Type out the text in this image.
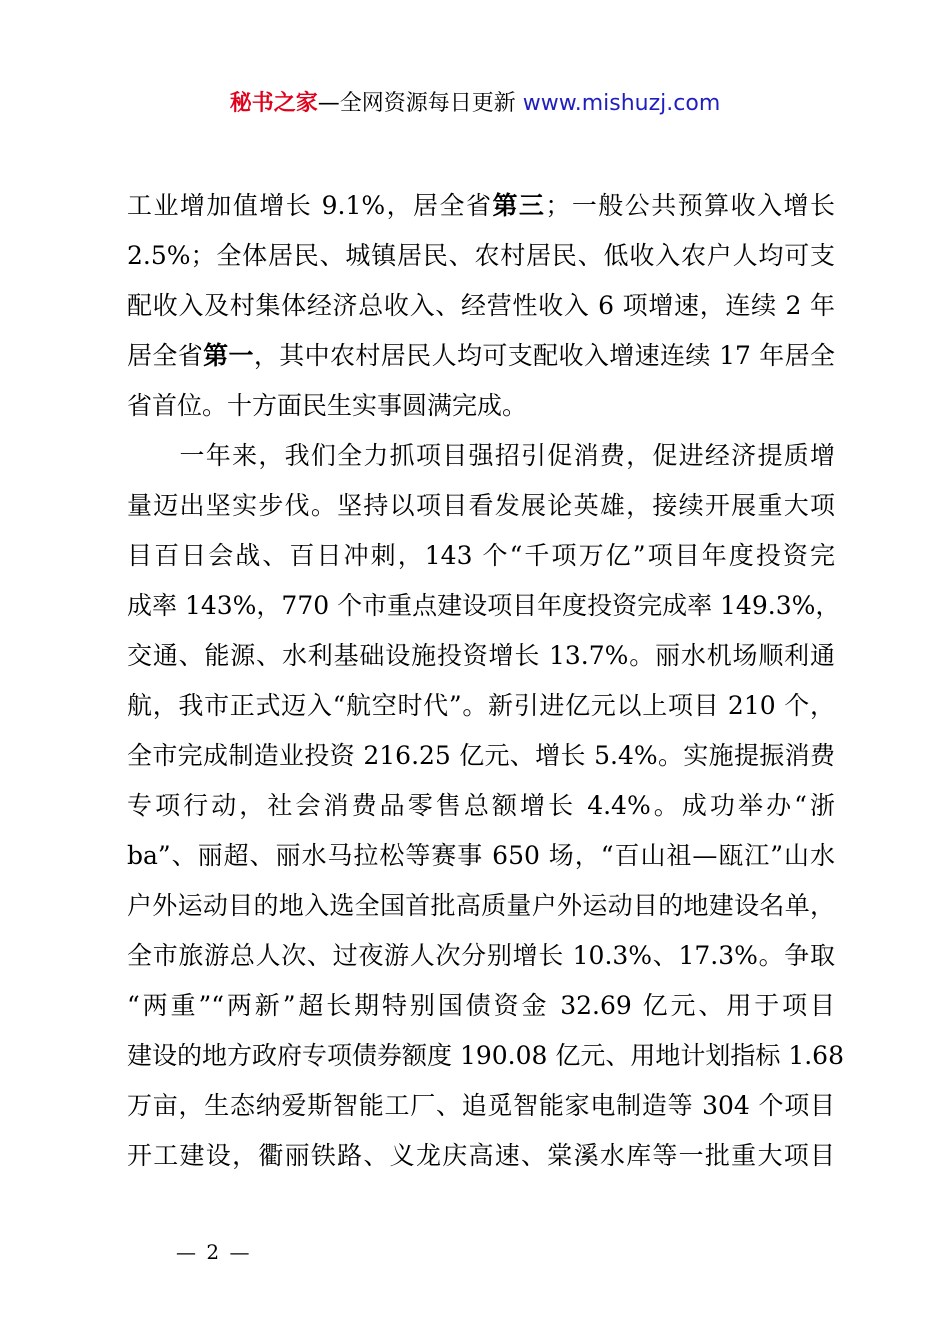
秘书之家—全网资源每日更新 www.mishuzj.com
工业增加值增长 9.1%，居全省第三；一般公共预算收入增长
2.5%；全体居民、城镇居民、农村居民、低收入农户人均可支
配收入及村集体经济总收入、经营性收入 6 项增速，连续 2 年
居全省第一，其中农村居民人均可支配收入增速连续 17 年居全
省首位。十方面民生实事圆满完成。
　　一年来，我们全力抓项目强招引促消费，促进经济提质增
量迈出坚实步伐。坚持以项目看发展论英雄，接续开展重大项
目百日会战、百日冲刺，143 个“千项万亿”项目年度投资完
成率 143%，770 个市重点建设项目年度投资完成率 149.3%，
交通、能源、水利基础设施投资增长 13.7%。丽水机场顺利通
航，我市正式迈入“航空时代”。新引进亿元以上项目 210 个，
全市完成制造业投资 216.25 亿元、增长 5.4%。实施提振消费
专项行动，社会消费品零售总额增长 4.4%。成功举办“浙
ba”、丽超、丽水马拉松等赛事 650 场，“百山祖—瓯江”山水
户外运动目的地入选全国首批高质量户外运动目的地建设名单，
全市旅游总人次、过夜游人次分别增长 10.3%、17.3%。争取
“两重”“两新”超长期特别国债资金 32.69 亿元、用于项目
建设的地方政府专项债券额度 190.08 亿元、用地计划指标 1.68
万亩，生态纳爱斯智能工厂、追觅智能家电制造等 304 个项目
开工建设，衢丽铁路、义龙庆高速、棠溪水库等一批重大项目
— 2 —
